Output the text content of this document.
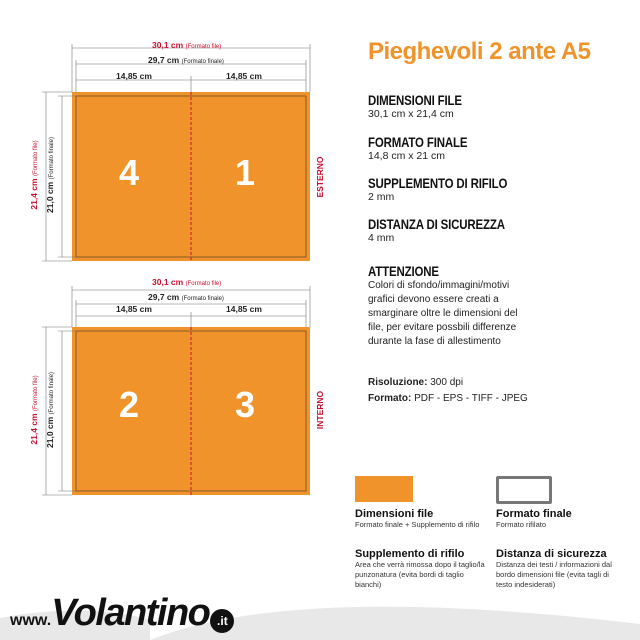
30,1 cm (Formato file)
29,7 cm (Formato finale)
14,85 cm	14,85 cm
21,4 cm (Formato file)
21,0 cm (Formato finale) 4	1	ESTERNO
30,1 cm (Formato file)
29,7 cm (Formato finale)
14,85 cm	14,85 cm
21,4 cm (Formato file)
21,0 cm (Formato finale) 2	3	INTERNO
Pieghevoli 2 ante A5
DIMENSIONI FILE
30,1 cm x 21,4 cm
FORMATO FINALE
14,8 cm x 21 cm
SUPPLEMENTO DI RIFILO
2 mm
DISTANZA DI SICUREZZA
4 mm
ATTENZIONE
Colori di sfondo/immagini/motivi grafici devono essere creati a smarginare oltre le dimensioni del file, per evitare possbili differenze durante la fase di allestimento
Risoluzione: 300 dpi
Formato: PDF - EPS - TIFF - JPEG
Dimensioni file
Formato finale + Supplemento di rifilo
Formato finale
Formato rifilato
Supplemento di rifilo
Area che verrà rimossa dopo il taglio/la punzonatura (evita bordi di taglio bianchi)
Distanza di sicurezza
Distanza dei testi / informazioni dal bordo dimensioni file (evita tagli di testo indesiderati)
www.Volantino .it
